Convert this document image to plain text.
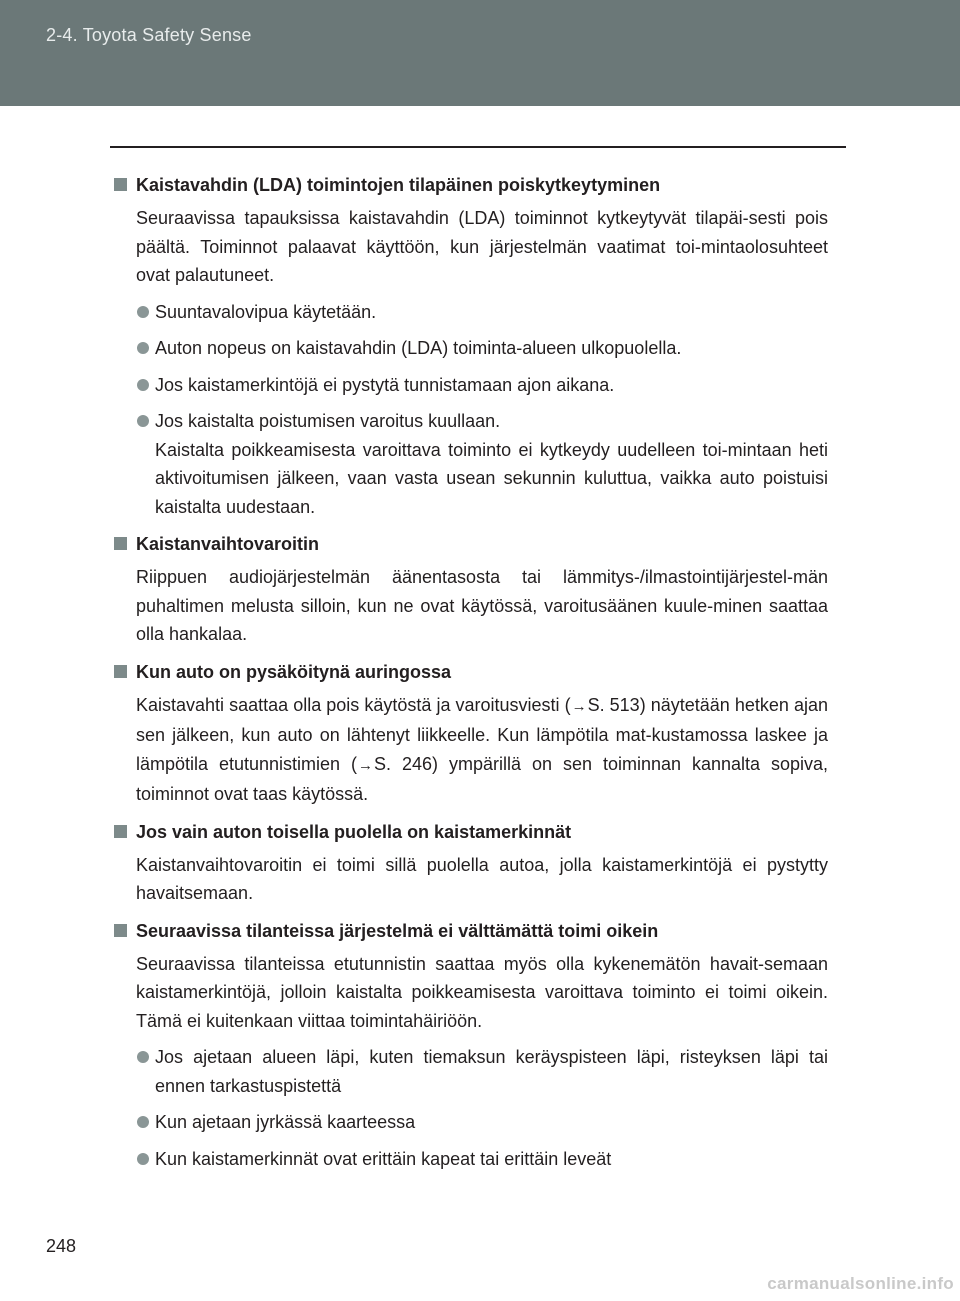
2-4. Toyota Safety Sense

Kaistavahdin (LDA) toimintojen tilapäinen poiskytkeytyminen

Seuraavissa tapauksissa kaistavahdin (LDA) toiminnot kytkeytyvät tilapäi-sesti pois päältä. Toiminnot palaavat käyttöön, kun järjestelmän vaatimat toi-mintaolosuhteet ovat palautuneet.

Suuntavalovipua käytetään.
Auton nopeus on kaistavahdin (LDA) toiminta-alueen ulkopuolella.
Jos kaistamerkintöjä ei pystytä tunnistamaan ajon aikana.
Jos kaistalta poistumisen varoitus kuullaan.
Kaistalta poikkeamisesta varoittava toiminto ei kytkeydy uudelleen toi-mintaan heti aktivoitumisen jälkeen, vaan vasta usean sekunnin kuluttua, vaikka auto poistuisi kaistalta uudestaan.

Kaistanvaihtovaroitin

Riippuen audiojärjestelmän äänentasosta tai lämmitys-/ilmastointijärjestel-män puhaltimen melusta silloin, kun ne ovat käytössä, varoitusäänen kuule-minen saattaa olla hankalaa.

Kun auto on pysäköitynä auringossa

Kaistavahti saattaa olla pois käytöstä ja varoitusviesti (→S. 513) näytetään hetken ajan sen jälkeen, kun auto on lähtenyt liikkeelle. Kun lämpötila mat-kustamossa laskee ja lämpötila etutunnistimien (→S. 246) ympärillä on sen toiminnan kannalta sopiva, toiminnot ovat taas käytössä.

Jos vain auton toisella puolella on kaistamerkinnät

Kaistanvaihtovaroitin ei toimi sillä puolella autoa, jolla kaistamerkintöjä ei pystytty havaitsemaan.

Seuraavissa tilanteissa järjestelmä ei välttämättä toimi oikein

Seuraavissa tilanteissa etutunnistin saattaa myös olla kykenemätön havait-semaan kaistamerkintöjä, jolloin kaistalta poikkeamisesta varoittava toiminto ei toimi oikein. Tämä ei kuitenkaan viittaa toimintahäiriöön.

Jos ajetaan alueen läpi, kuten tiemaksun keräyspisteen läpi, risteyksen läpi tai ennen tarkastuspistettä
Kun ajetaan jyrkässä kaarteessa
Kun kaistamerkinnät ovat erittäin kapeat tai erittäin leveät
248
carmanualsonline.info
